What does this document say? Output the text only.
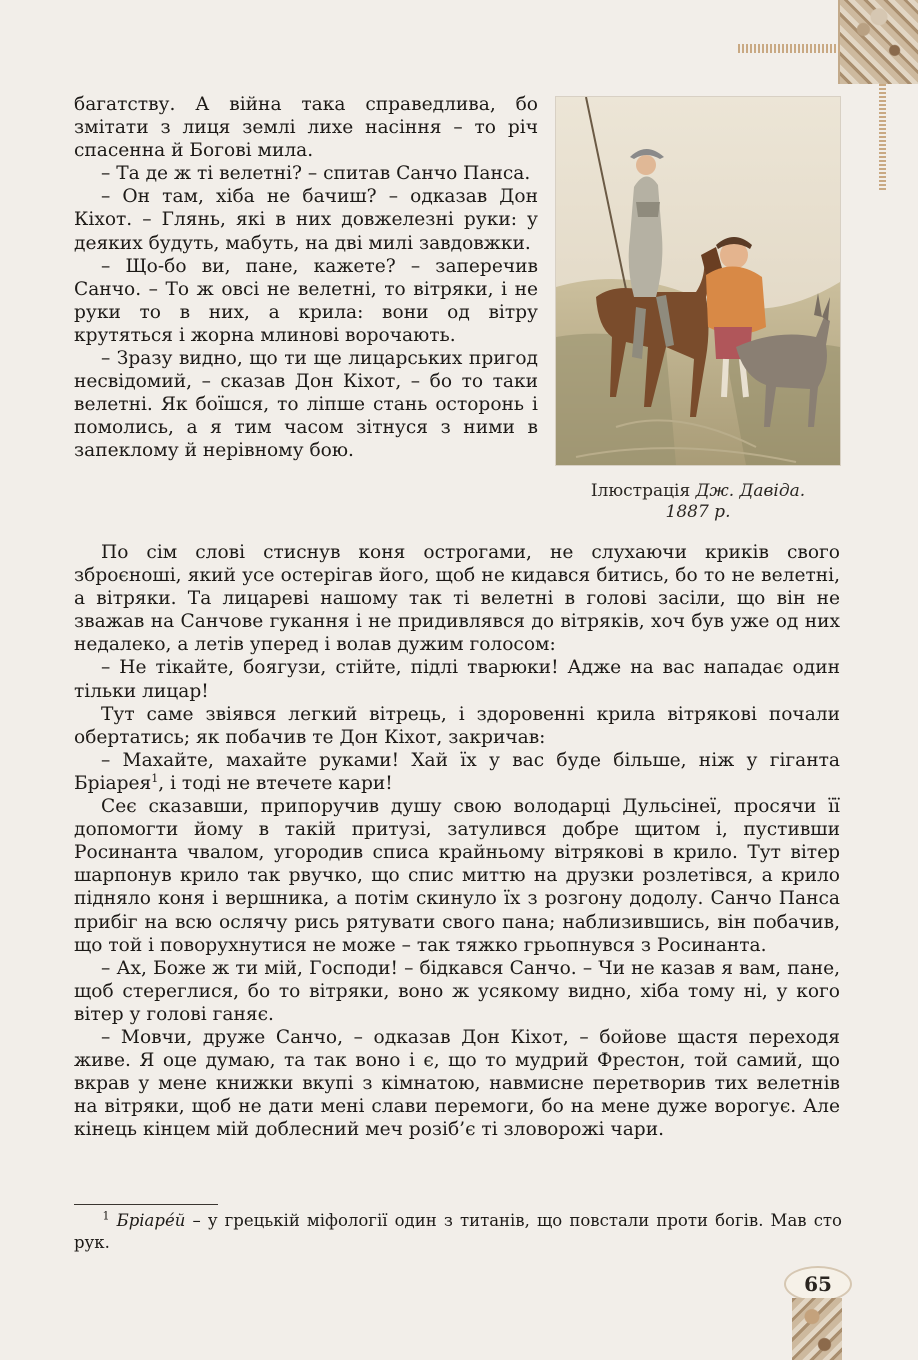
багатству. А війна така справедлива, бо змітати з лиця землі лихе насіння – то річ спасенна й Богові мила.

– Та де ж ті велетні? – спитав Санчо Панса.

– Он там, хіба не бачиш? – одказав Дон Кіхот. – Глянь, які в них довжелезні руки: у деяких будуть, мабуть, на дві милі завдовжки.

– Що-бо ви, пане, кажете? – заперечив Санчо. – То ж овсі не велетні, то вітряки, і не руки то в них, а крила: вони од вітру крутяться і жорна млинові ворочають.

– Зразу видно, що ти ще лицарських пригод несвідомий, – сказав Дон Кіхот, – бо то таки велетні. Як боїшся, то ліпше стань осторонь і помолись, а я тим часом зітнуся з ними в запеклому й нерівному бою.

Ілюстрація Дж. Давіда.
1887 р.

По сім слові стиснув коня острогами, не слухаючи криків свого зброєноші, який усе остерігав його, щоб не кидався битись, бо то не велетні, а вітряки. Та лицареві нашому так ті велетні в голові засіли, що він не зважав на Санчове гукання і не придивлявся до вітряків, хоч був уже од них недалеко, а летів уперед і волав дужим голосом:

– Не тікайте, боягузи, стійте, підлі тварюки! Адже на вас нападає один тільки лицар!

Тут саме звіявся легкий вітрець, і здоровенні крила вітрякові почали обертатись; як побачив те Дон Кіхот, закричав:

– Махайте, махайте руками! Хай їх у вас буде більше, ніж у гіганта Бріарея$^1$, і тоді не втечете кари!

Сеє сказавши, припоручив душу свою володарці Дульсінеї, просячи її допомогти йому в такій притузі, затулився добре щитом і, пустивши Росинанта чвалом, угородив списа крайньому вітрякові в крило. Тут вітер шарпонув крило так рвучко, що спис миттю на друзки розлетівся, а крило підняло коня і вершника, а потім скинуло їх з розгону додолу. Санчо Панса прибіг на всю ослячу рись рятувати свого пана; наблизившись, він побачив, що той і поворухнутися не може – так тяжко грьопнувся з Росинанта.

– Ах, Боже ж ти мій, Господи! – бідкався Санчо. – Чи не казав я вам, пане, щоб стереглися, бо то вітряки, воно ж усякому видно, хіба тому ні, у кого вітер у голові ганяє.

– Мовчи, друже Санчо, – одказав Дон Кіхот, – бойове щастя переходя живе. Я оце думаю, та так воно і є, що то мудрий Фрестон, той самий, що вкрав у мене книжки вкупі з кімнатою, навмисне перетворив тих велетнів на вітряки, щоб не дати мені слави перемоги, бо на мене дуже ворогує. Але кінець кінцем мій доблесний меч розіб’є ті зловорожі чари.

$^1$ Бріаре́й – у грецькій міфології один з титанів, що повстали проти богів. Мав сто рук.
65
